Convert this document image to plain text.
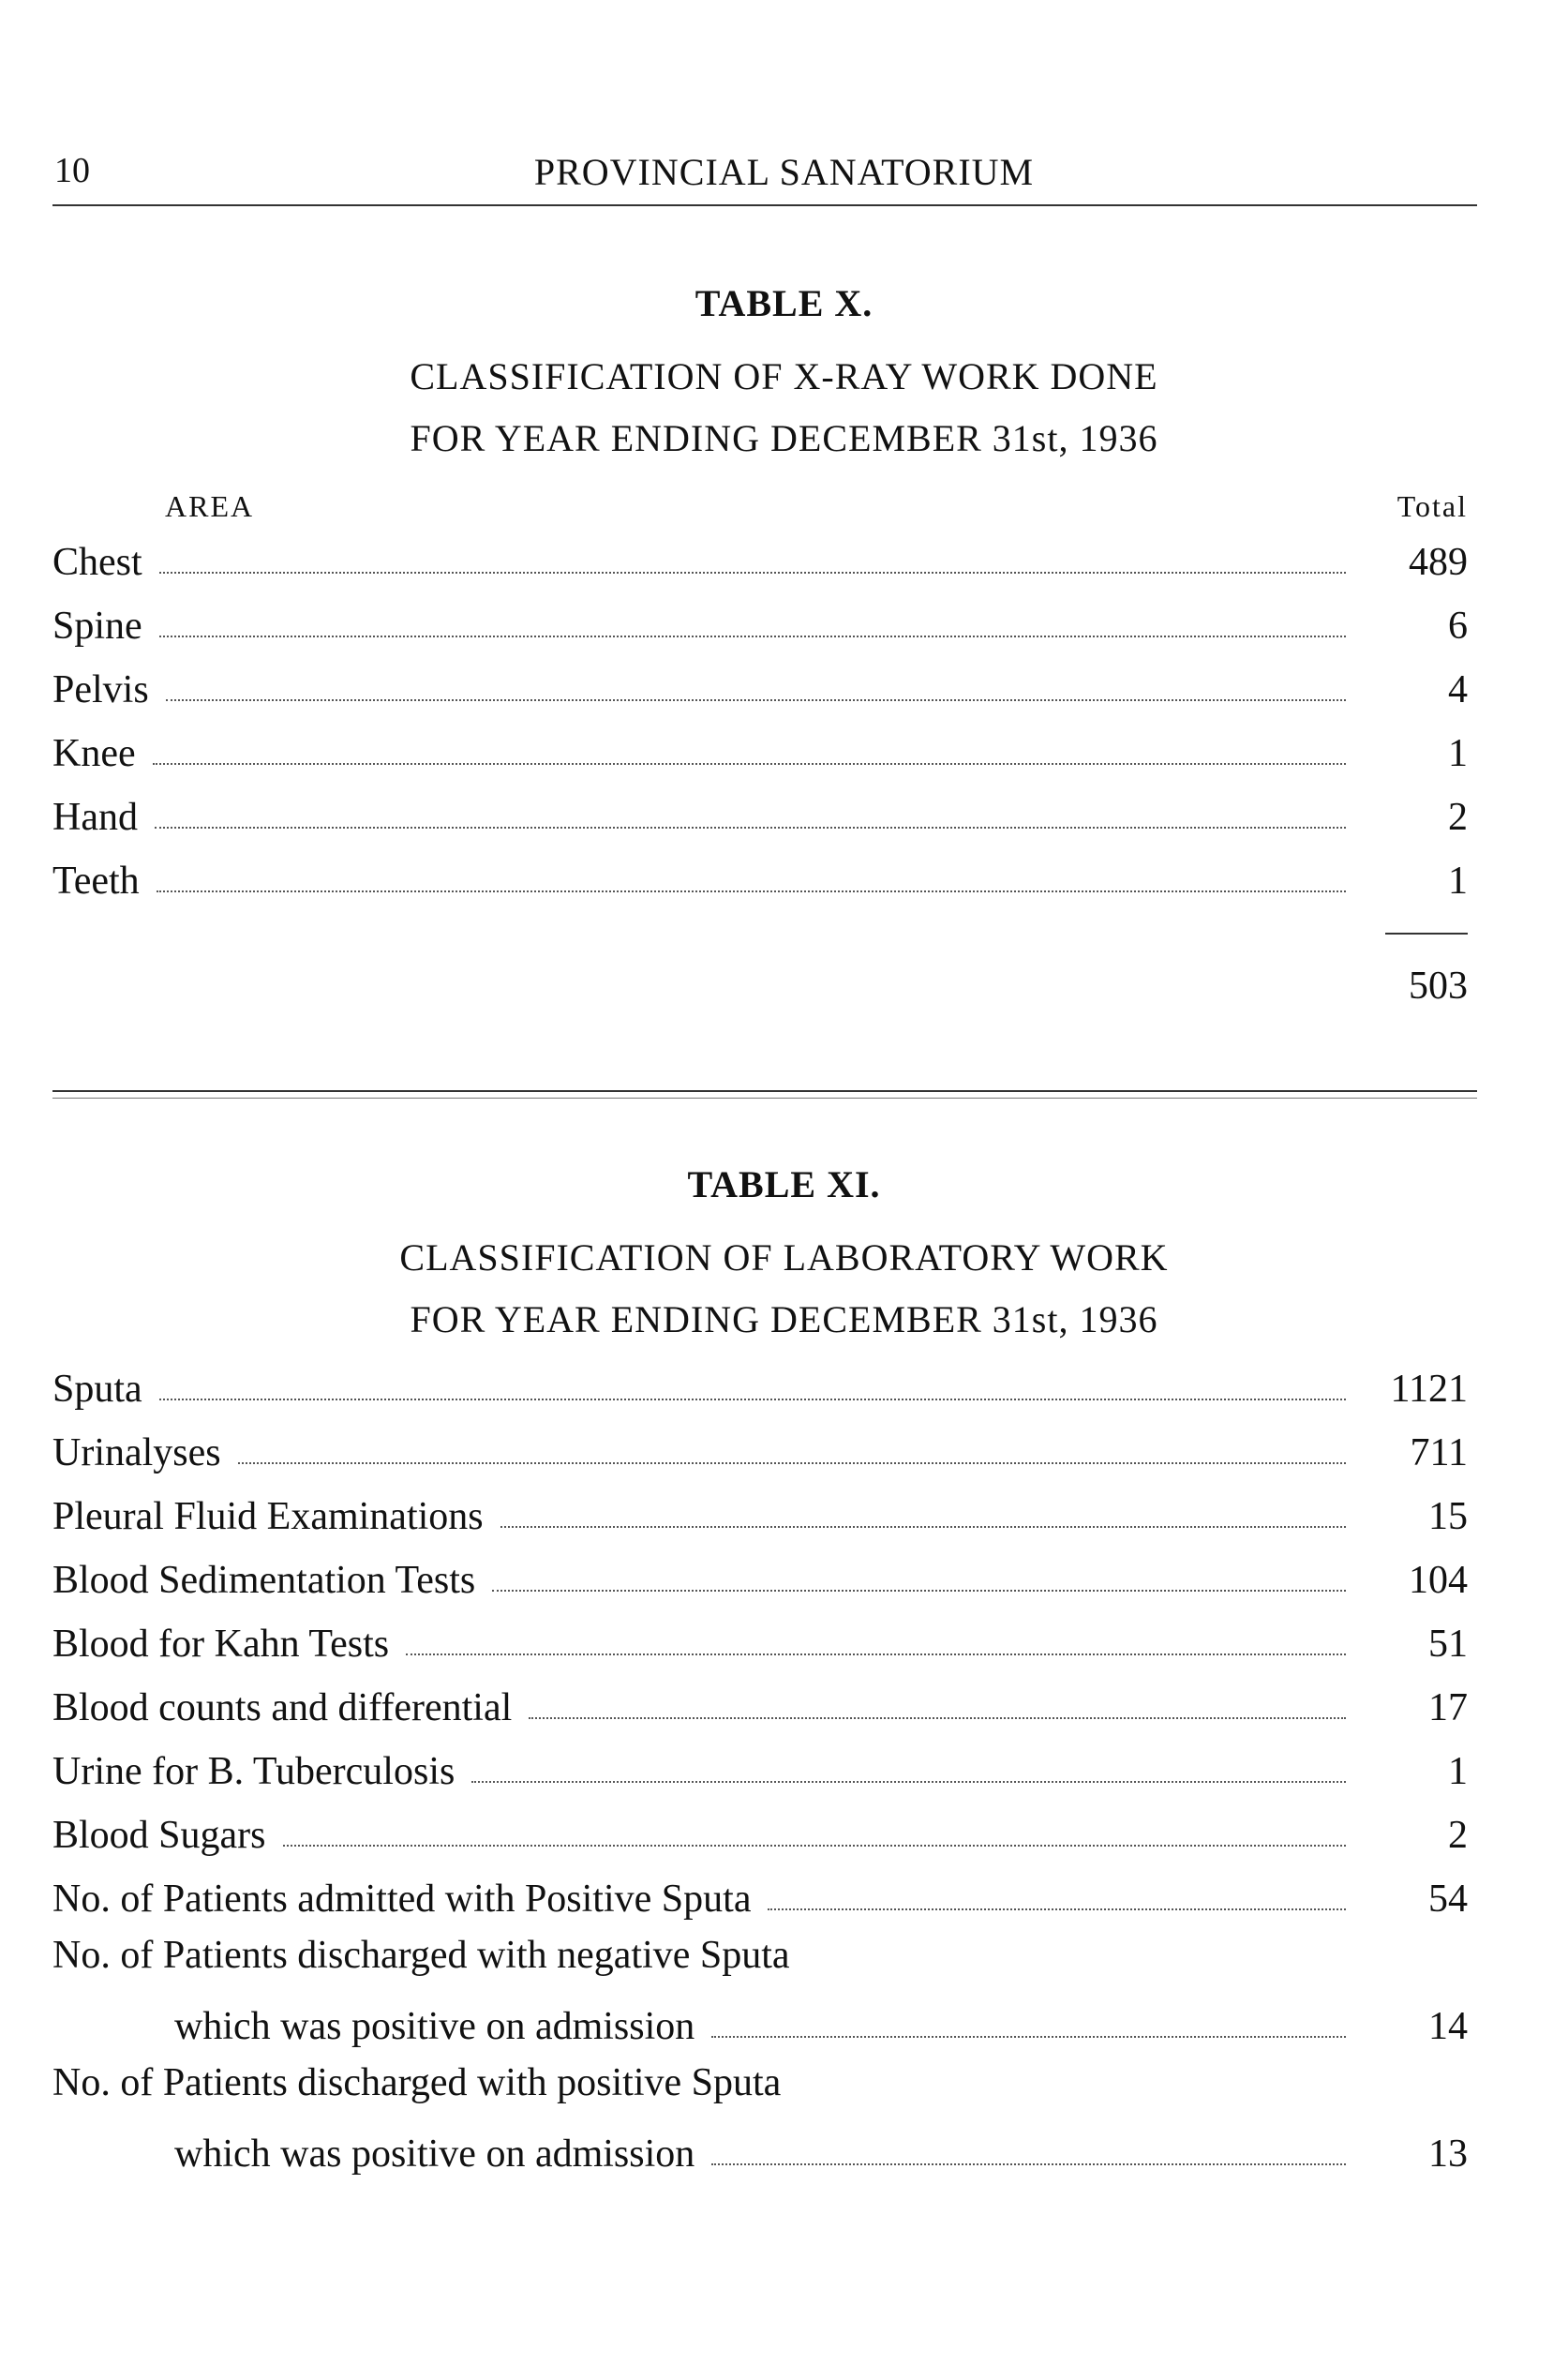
10	PROVINCIAL SANATORIUM
TABLE X.
CLASSIFICATION OF X-RAY WORK DONE
FOR YEAR ENDING DECEMBER 31st, 1936
AREA	Total
Chest	489
Spine	6
Pelvis	4
Knee	1
Hand	2
Teeth	1
503
TABLE XI.
CLASSIFICATION OF LABORATORY WORK
FOR YEAR ENDING DECEMBER 31st, 1936
Sputa	1121
Urinalyses	711
Pleural Fluid Examinations	15
Blood Sedimentation Tests	104
Blood for Kahn Tests	51
Blood counts and differential	17
Urine for B. Tuberculosis	1
Blood Sugars	2
No. of Patients admitted with Positive Sputa	54
No. of Patients discharged with negative Sputa
which was positive on admission	14
No. of Patients discharged with positive Sputa
which was positive on admission	13
